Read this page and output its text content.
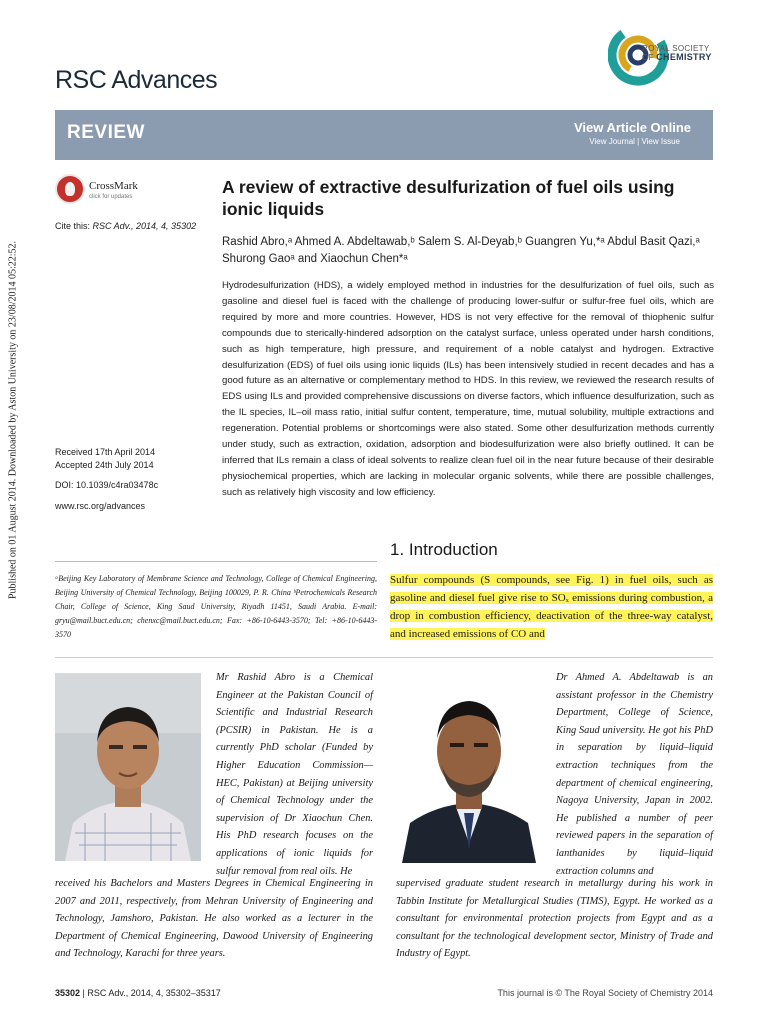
Published on 01 August 2014. Downloaded by Aston University on 23/08/2014 05:22:52.
ROYAL SOCIETY
OF CHEMISTRY
RSC Advances
REVIEW	View Article Online
View Journal | View Issue
CrossMark
click for updates
Cite this: RSC Adv., 2014, 4, 35302
A review of extractive desulfurization of fuel oils using ionic liquids
Rashid Abro,ᵃ Ahmed A. Abdeltawab,ᵇ Salem S. Al-Deyab,ᵇ Guangren Yu,*ᵃ Abdul Basit Qazi,ᵃ Shurong Gaoᵃ and Xiaochun Chen*ᵃ
Hydrodesulfurization (HDS), a widely employed method in industries for the desulfurization of fuel oils, such as gasoline and diesel fuel is faced with the challenge of producing lower-sulfur or sulfur-free fuel oils, which are required by more and more countries. However, HDS is not very effective for the removal of thiophenic sulfur compounds due to sterically-hindered adsorption on the catalyst surface, unless operated under harsh conditions, such as high temperature, high pressure, and requirement of a noble catalyst and hydrogen. Extractive desulfurization (EDS) of fuel oils using ionic liquids (ILs) has been intensively studied in recent decades and has a good future as an alternative or complementary method to HDS. In this review, we reviewed the research results of EDS using ILs and provided comprehensive discussions on diverse factors, which influence desulfurization, such as the IL species, IL–oil mass ratio, initial sulfur content, temperature, time, mutual solubility, multiple extractions and regeneration. Potential problems or shortcomings were also stated. Some other desulfurization methods currently under study, such as extraction, oxidation, adsorption and biodesulfurization were also briefly outlined. It can be inferred that ILs remain a class of ideal solvents to realize clean fuel oil in the near future because of their desirable physiochemical properties, which are lacking in molecular organic solvents, while there are possible challenges, such as relatively high viscosity and low efficiency.
Received 17th April 2014
Accepted 24th July 2014
DOI: 10.1039/c4ra03478c
www.rsc.org/advances
ᵃBeijing Key Laboratory of Membrane Science and Technology, College of Chemical Engineering, Beijing University of Chemical Technology, Beijing 100029, P. R. China ᵇPetrochemicals Research Chair, College of Science, King Saud University, Riyadh 11451, Saudi Arabia. E-mail: gryu@mail.buct.edu.cn; chenxc@mail.buct.edu.cn; Fax: +86-10-6443-3570; Tel: +86-10-6443-3570
1. Introduction
Sulfur compounds (S compounds, see Fig. 1) in fuel oils, such as gasoline and diesel fuel give rise to SOₓ emissions during combustion, a drop in combustion efficiency, deactivation of the three-way catalyst, and increased emissions of CO and
Mr Rashid Abro is a Chemical Engineer at the Pakistan Council of Scientific and Industrial Research (PCSIR) in Pakistan. He is a currently PhD scholar (Funded by Higher Education Commission—HEC, Pakistan) at Beijing university of Chemical Technology under the supervision of Dr Xiaochun Chen. His PhD research focuses on the applications of ionic liquids for sulfur removal from real oils. He
received his Bachelors and Masters Degrees in Chemical Engineering in 2007 and 2011, respectively, from Mehran University of Engineering and Technology, Jamshoro, Pakistan. He also worked as a lecturer in the Department of Chemical Engineering, Dawood University of Engineering and Technology, Karachi for three years.
Dr Ahmed A. Abdeltawab is an assistant professor in the Chemistry Department, College of Science, King Saud university. He got his PhD in separation by liquid–liquid extraction techniques from the department of chemical engineering, Nagoya University, Japan in 2002. He published a number of peer reviewed papers in the separation of lanthanides by liquid–liquid extraction columns and
supervised graduate student research in metallurgy during his work in Tabbin Institute for Metallurgical Studies (TIMS), Egypt. He worked as a consultant for environmental protection projects from Egypt and as a consultant for the technological development sector, Ministry of Trade and Industry of Egypt.
35302 | RSC Adv., 2014, 4, 35302–35317	This journal is © The Royal Society of Chemistry 2014
